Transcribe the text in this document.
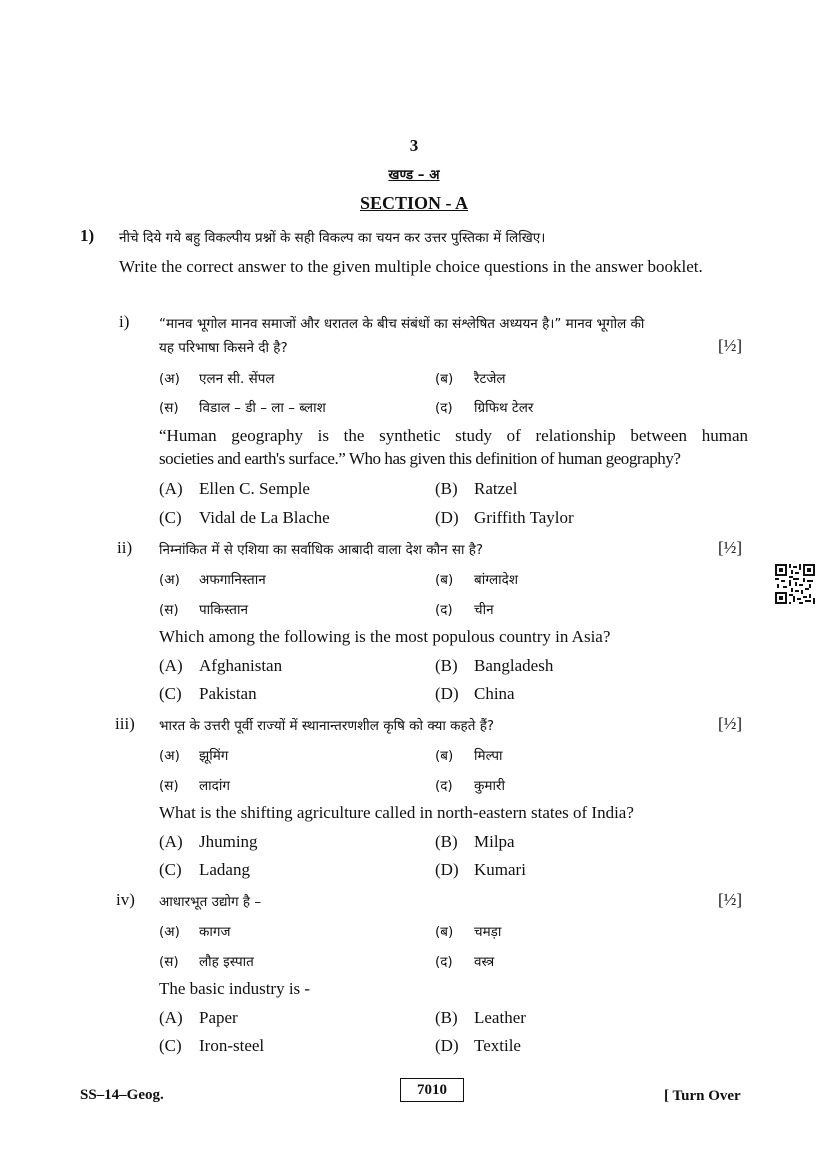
3
खण्ड – अ
SECTION - A
1) नीचे दिये गये बहु विकल्पीय प्रश्नों के सही विकल्प का चयन कर उत्तर पुस्तिका में लिखिए।
Write the correct answer to the given multiple choice questions in the answer booklet.
i) “मानव भूगोल मानव समाजों और धरातल के बीच संबंधों का संश्लेषित अध्ययन है।” मानव भूगोल की
यह परिभाषा किसने दी है?	[½]
(अ) एलन सी. सेंपल	(ब) रैटजेल
(स) विडाल – डी – ला – ब्लाश	(द) ग्रिफिथ टेलर
“Human geography is the synthetic study of relationship between human
societies and earth's surface.” Who has given this definition of human geography?
(A) Ellen C. Semple	(B) Ratzel
(C) Vidal de La Blache	(D) Griffith Taylor
ii) निम्नांकित में से एशिया का सर्वाधिक आबादी वाला देश कौन सा है?	[½]
(अ) अफगानिस्तान	(ब) बांग्लादेश
(स) पाकिस्तान	(द) चीन
Which among the following is the most populous country in Asia?
(A) Afghanistan	(B) Bangladesh
(C) Pakistan	(D) China
iii) भारत के उत्तरी पूर्वी राज्यों में स्थानान्तरणशील कृषि को क्या कहते हैं?	[½]
(अ) झूमिंग	(ब) मिल्पा
(स) लादांग	(द) कुमारी
What is the shifting agriculture called in north-eastern states of India?
(A) Jhuming	(B) Milpa
(C) Ladang	(D) Kumari
iv) आधारभूत उद्योग है –	[½]
(अ) कागज	(ब) चमड़ा
(स) लौह इस्पात	(द) वस्त्र
The basic industry is -
(A) Paper	(B) Leather
(C) Iron-steel	(D) Textile
SS–14–Geog.	7010	[ Turn Over
